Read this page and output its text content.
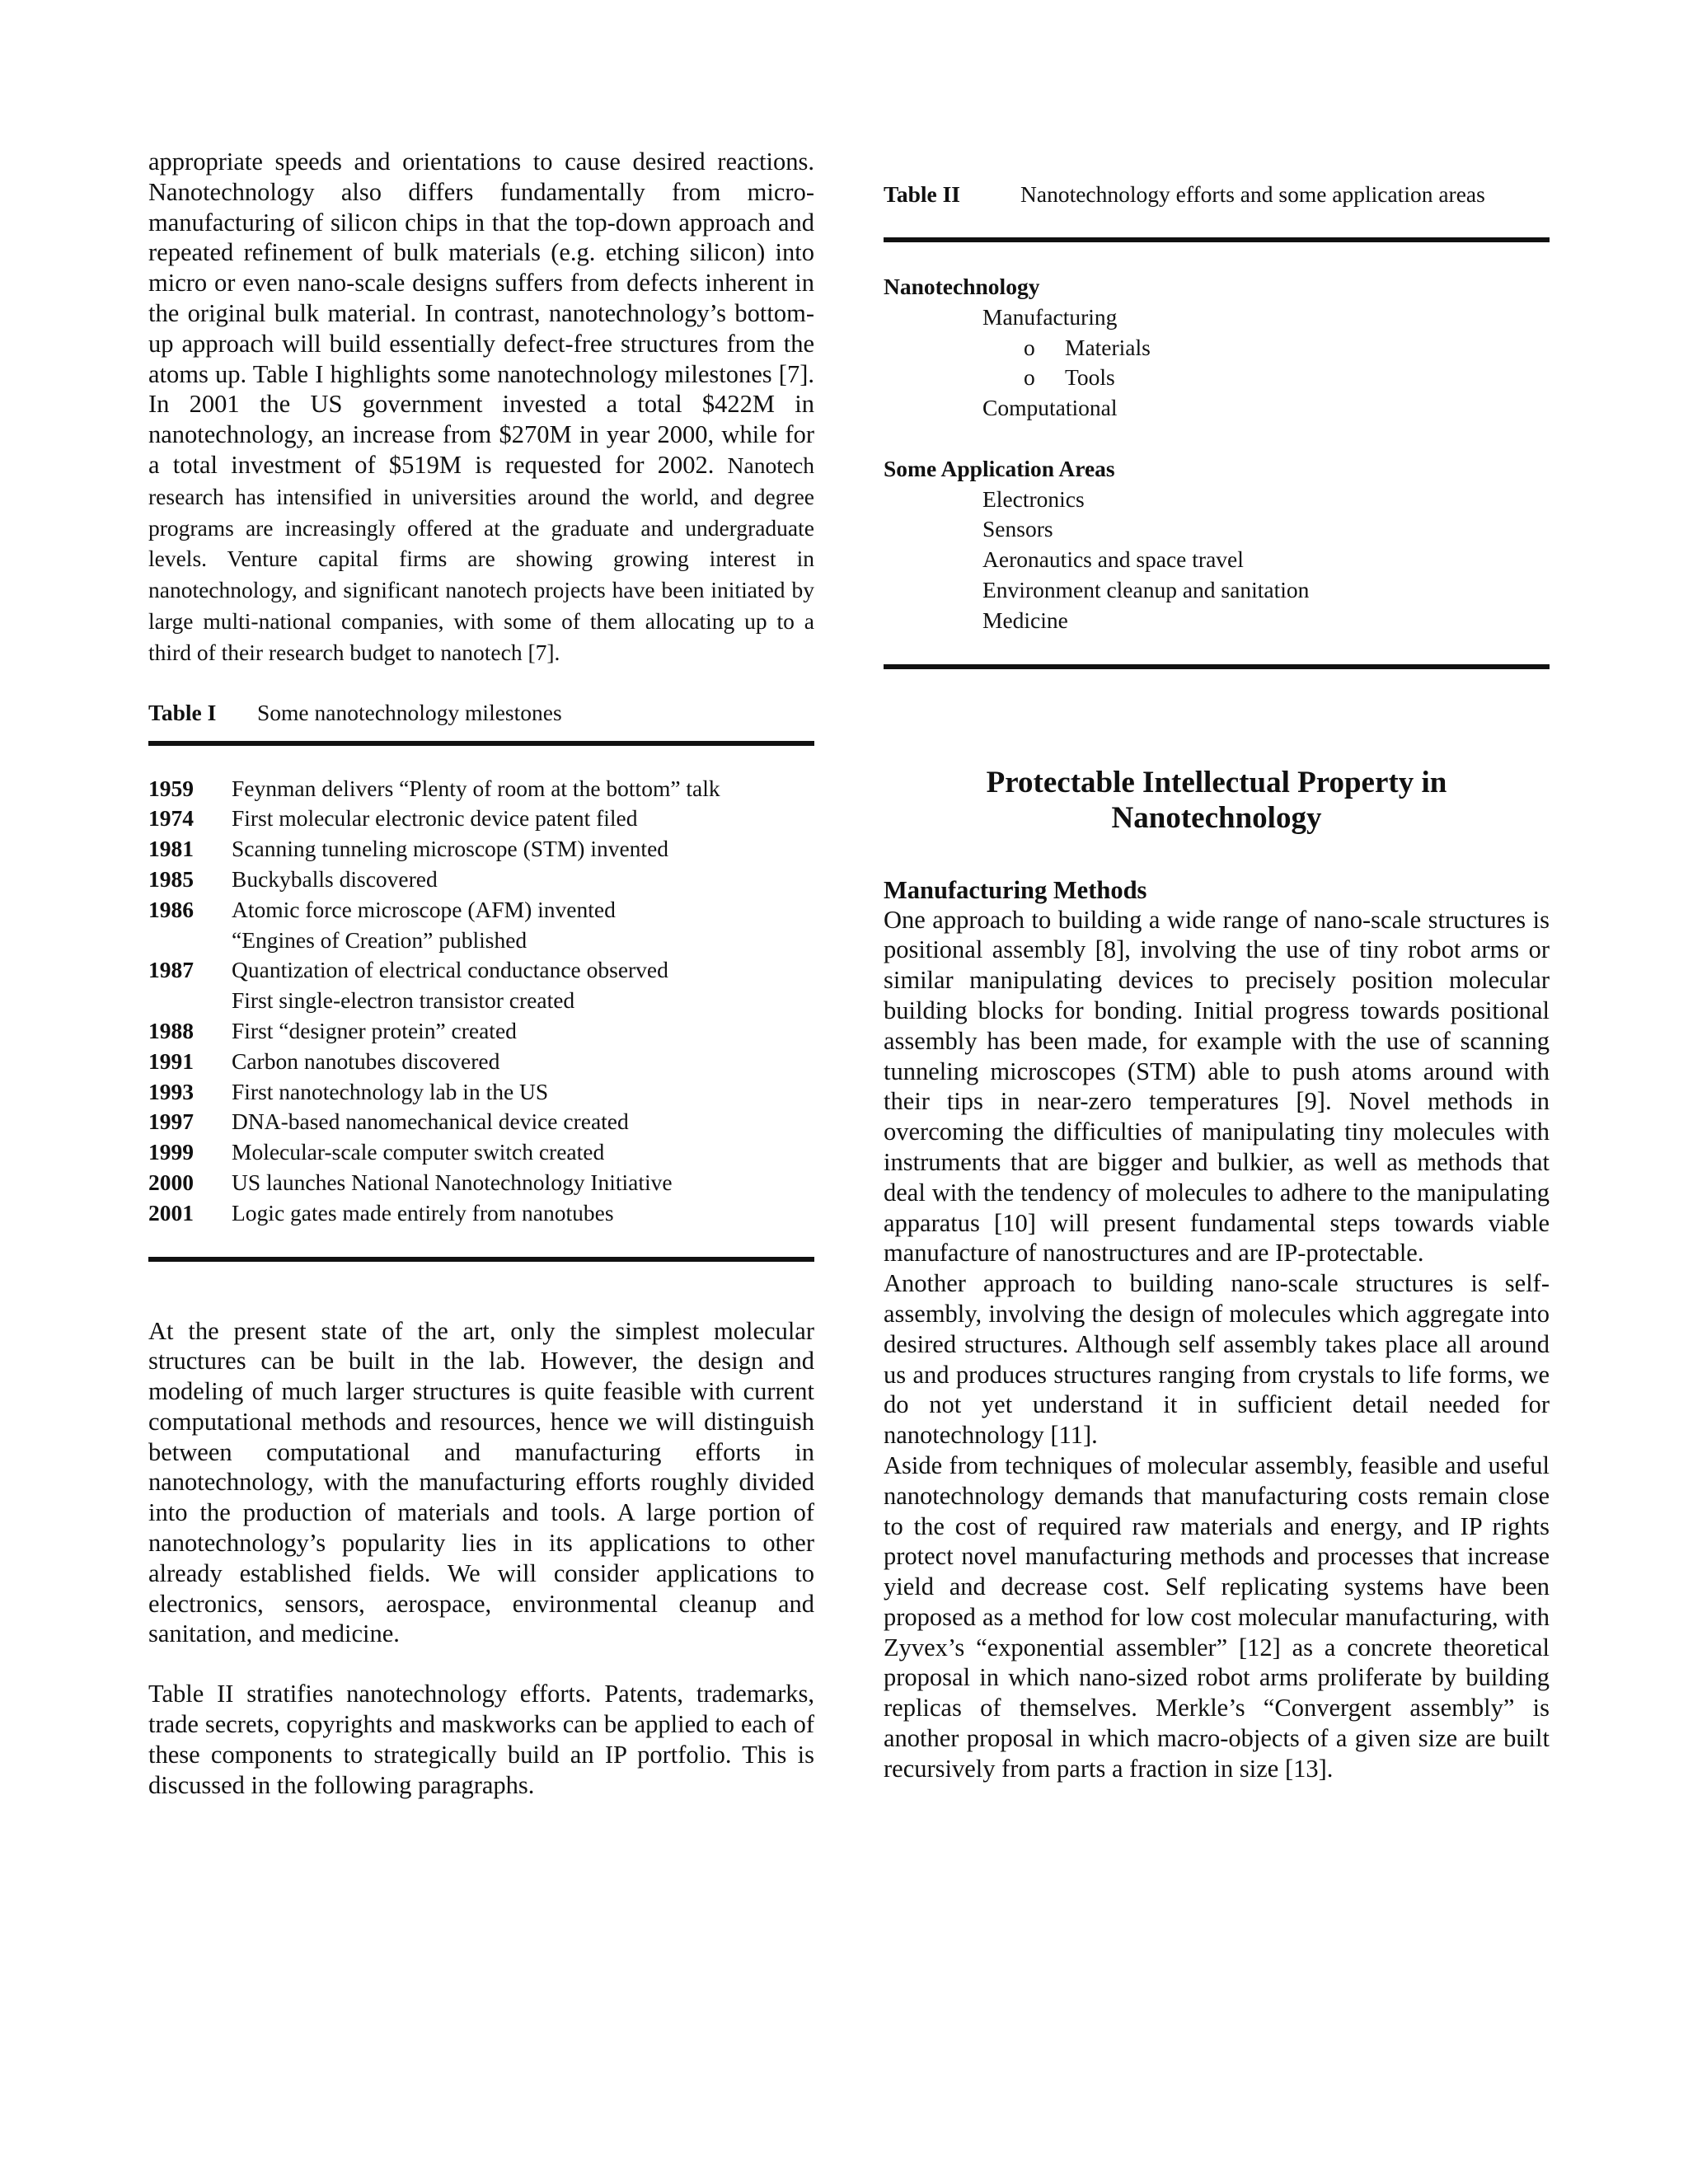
appropriate speeds and orientations to cause desired reactions. Nanotechnology also differs fundamentally from micro-manufacturing of silicon chips in that the top-down approach and repeated refinement of bulk materials (e.g. etching silicon) into micro or even nano-scale designs suffers from defects inherent in the original bulk material. In contrast, nanotechnology’s bottom-up approach will build essentially defect-free structures from the atoms up. Table I highlights some nanotechnology milestones [7]. In 2001 the US government invested a total $422M in nanotechnology, an increase from $270M in year 2000, while for a total investment of $519M is requested for 2002. Nanotech research has intensified in universities around the world, and degree programs are increasingly offered at the graduate and undergraduate levels. Venture capital firms are showing growing interest in nanotechnology, and significant nanotech projects have been initiated by large multi-national companies, with some of them allocating up to a third of their research budget to nanotech [7].

Table I	Some nanotechnology milestones
1959	Feynman delivers “Plenty of room at the bottom” talk
1974	First molecular electronic device patent filed
1981	Scanning tunneling microscope (STM) invented
1985	Buckyballs discovered
1986	Atomic force microscope (AFM) invented
“Engines of Creation” published
1987	Quantization of electrical conductance observed
First single-electron transistor created
1988	First “designer protein” created
1991	Carbon nanotubes discovered
1993	First nanotechnology lab in the US
1997	DNA-based nanomechanical device created
1999	Molecular-scale computer switch created
2000	US launches National Nanotechnology Initiative
2001	Logic gates made entirely from nanotubes

At the present state of the art, only the simplest molecular structures can be built in the lab. However, the design and modeling of much larger structures is quite feasible with current computational methods and resources, hence we will distinguish between computational and manufacturing efforts in nanotechnology, with the manufacturing efforts roughly divided into the production of materials and tools. A large portion of nanotechnology’s popularity lies in its applications to other already established fields. We will consider applications to electronics, sensors, aerospace, environmental cleanup and sanitation, and medicine.

Table II stratifies nanotechnology efforts. Patents, trademarks, trade secrets, copyrights and maskworks can be applied to each of these components to strategically build an IP portfolio. This is discussed in the following paragraphs.

Table II	Nanotechnology efforts and some application areas
Nanotechnology
Manufacturing
o	Materials
o	Tools
Computational
Some Application Areas
Electronics
Sensors
Aeronautics and space travel
Environment cleanup and sanitation
Medicine
Protectable Intellectual Property in
Nanotechnology
Manufacturing Methods

One approach to building a wide range of nano-scale structures is positional assembly [8], involving the use of tiny robot arms or similar manipulating devices to precisely position molecular building blocks for bonding. Initial progress towards positional assembly has been made, for example with the use of scanning tunneling microscopes (STM) able to push atoms around with their tips in near-zero temperatures [9]. Novel methods in overcoming the difficulties of manipulating tiny molecules with instruments that are bigger and bulkier, as well as methods that deal with the tendency of molecules to adhere to the manipulating apparatus [10] will present fundamental steps towards viable manufacture of nanostructures and are IP-protectable.

Another approach to building nano-scale structures is self-assembly, involving the design of molecules which aggregate into desired structures. Although self assembly takes place all around us and produces structures ranging from crystals to life forms, we do not yet understand it in sufficient detail needed for nanotechnology [11].

Aside from techniques of molecular assembly, feasible and useful nanotechnology demands that manufacturing costs remain close to the cost of required raw materials and energy, and IP rights protect novel manufacturing methods and processes that increase yield and decrease cost. Self replicating systems have been proposed as a method for low cost molecular manufacturing, with Zyvex’s “exponential assembler” [12] as a concrete theoretical proposal in which nano-sized robot arms proliferate by building replicas of themselves. Merkle’s “Convergent assembly” is another proposal in which macro-objects of a given size are built recursively from parts a fraction in size [13].
